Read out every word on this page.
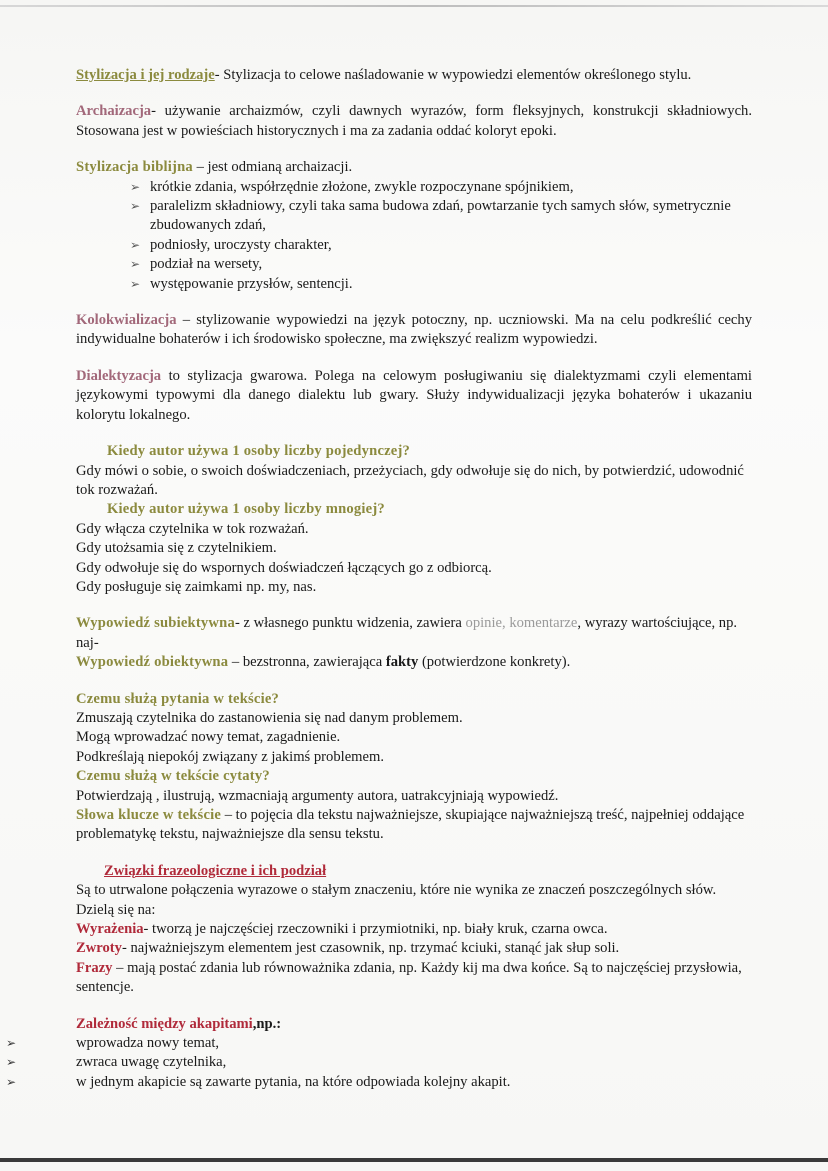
Stylizacja i jej rodzaje- Stylizacja to celowe naśladowanie w wypowiedzi elementów określonego stylu.

Archaizacja- używanie archaizmów, czyli dawnych wyrazów, form fleksyjnych, konstrukcji składniowych. Stosowana jest w powieściach historycznych i ma za zadania oddać koloryt epoki.

Stylizacja biblijna – jest odmianą archaizacji.

➢ krótkie zdania, współrzędnie złożone, zwykle rozpoczynane spójnikiem,
➢ paralelizm składniowy, czyli taka sama budowa zdań, powtarzanie tych samych słów, symetrycznie zbudowanych zdań,
➢ podniosły, uroczysty charakter,
➢ podział na wersety,
➢ występowanie przysłów, sentencji.

Kolokwializacja – stylizowanie wypowiedzi na język potoczny, np. uczniowski. Ma na celu podkreślić cechy indywidualne bohaterów i ich środowisko społeczne, ma zwiększyć realizm wypowiedzi.

Dialektyzacja to stylizacja gwarowa. Polega na celowym posługiwaniu się dialektyzmami czyli elementami językowymi typowymi dla danego dialektu lub gwary. Służy indywidualizacji języka bohaterów i ukazaniu kolorytu lokalnego.

Kiedy autor używa 1 osoby liczby pojedynczej?
Gdy mówi o sobie, o swoich doświadczeniach, przeżyciach, gdy odwołuje się do nich, by potwierdzić, udowodnić tok rozważań.
Kiedy autor używa 1 osoby liczby mnogiej?
Gdy włącza czytelnika w tok rozważań.
Gdy utożsamia się z czytelnikiem.
Gdy odwołuje się do wspornych doświadczeń łączących go z odbiorcą.
Gdy posługuje się zaimkami np. my, nas.
Wypowiedź subiektywna- z własnego punktu widzenia, zawiera opinie, komentarze, wyrazy wartościujące, np. naj-
Wypowiedź obiektywna – bezstronna, zawierająca fakty (potwierdzone konkrety).
Czemu służą pytania w tekście?
Zmuszają czytelnika do zastanowienia się nad danym problemem.
Mogą wprowadzać nowy temat, zagadnienie.
Podkreślają niepokój związany z jakimś problemem.
Czemu służą w tekście cytaty?
Potwierdzają , ilustrują, wzmacniają argumenty autora, uatrakcyjniają wypowiedź.
Słowa klucze w tekście – to pojęcia dla tekstu najważniejsze, skupiające najważniejszą treść, najpełniej oddające problematykę tekstu, najważniejsze dla sensu tekstu.
Związki frazeologiczne i ich podział
Są to utrwalone połączenia wyrazowe o stałym znaczeniu, które nie wynika ze znaczeń poszczególnych słów.
Dzielą się na:
Wyrażenia- tworzą je najczęściej rzeczowniki i przymiotniki, np. biały kruk, czarna owca.
Zwroty- najważniejszym elementem jest czasownik, np. trzymać kciuki, stanąć jak słup soli.
Frazy – mają postać zdania lub równoważnika zdania, np. Każdy kij ma dwa końce. Są to najczęściej przysłowia, sentencje.
Zależność między akapitami,np.:
➢	wprowadza nowy temat,
➢	zwraca uwagę czytelnika,
➢	w jednym akapicie są zawarte pytania, na które odpowiada kolejny akapit.
